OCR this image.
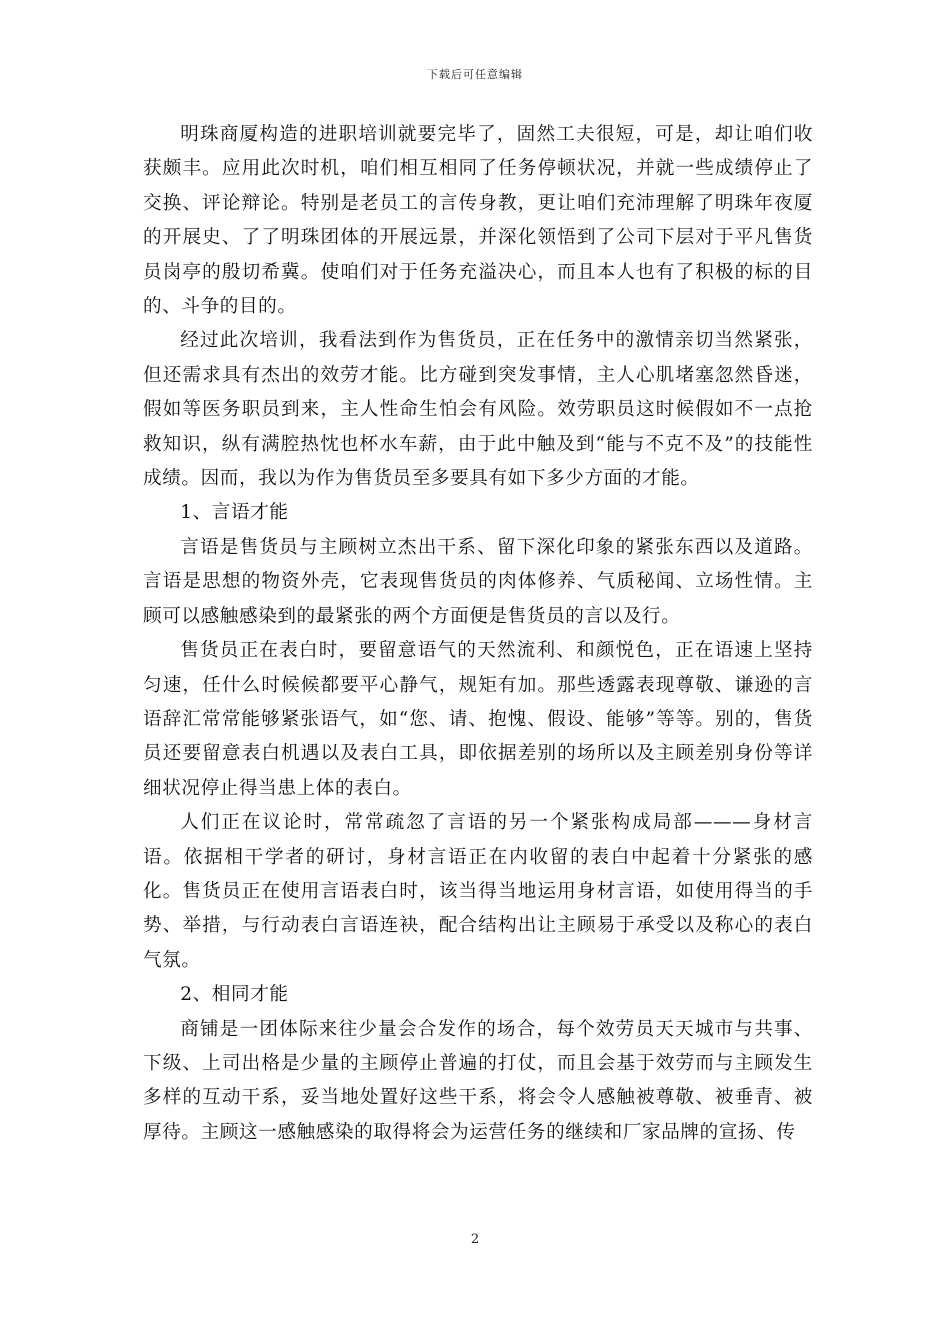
下载后可任意编辑

明珠商厦构造的进职培训就要完毕了，固然工夫很短，可是，却让咱们收获颇丰。应用此次时机，咱们相互相同了任务停顿状况，并就一些成绩停止了交换、评论辩论。特别是老员工的言传身教，更让咱们充沛理解了明珠年夜厦的开展史、了了明珠团体的开展远景，并深化领悟到了公司下层对于平凡售货员岗亭的殷切希冀。使咱们对于任务充溢决心，而且本人也有了积极的标的目的、斗争的目的。

经过此次培训，我看法到作为售货员，正在任务中的激情亲切当然紧张，但还需求具有杰出的效劳才能。比方碰到突发事情，主人心肌堵塞忽然昏迷，假如等医务职员到来，主人性命生怕会有风险。效劳职员这时候假如不一点抢救知识，纵有满腔热忱也杯水车薪，由于此中触及到“能与不克不及”的技能性成绩。因而，我以为作为售货员至多要具有如下多少方面的才能。

1、言语才能

言语是售货员与主顾树立杰出干系、留下深化印象的紧张东西以及道路。言语是思想的物资外壳，它表现售货员的肉体修养、气质秘闻、立场性情。主顾可以感触感染到的最紧张的两个方面便是售货员的言以及行。

售货员正在表白时，要留意语气的天然流利、和颜悦色，正在语速上坚持匀速，任什么时候候都要平心静气，规矩有加。那些透露表现尊敬、谦逊的言语辞汇常常能够紧张语气，如“您、请、抱愧、假设、能够”等等。别的，售货员还要留意表白机遇以及表白工具，即依据差别的场所以及主顾差别身份等详细状况停止得当患上体的表白。

人们正在议论时，常常疏忽了言语的另一个紧张构成局部———身材言语。依据相干学者的研讨，身材言语正在内收留的表白中起着十分紧张的感化。售货员正在使用言语表白时，该当得当地运用身材言语，如使用得当的手势、举措，与行动表白言语连袂，配合结构出让主顾易于承受以及称心的表白气氛。

2、相同才能

商铺是一团体际来往少量会合发作的场合，每个效劳员天天城市与共事、下级、上司出格是少量的主顾停止普遍的打仗，而且会基于效劳而与主顾发生多样的互动干系，妥当地处置好这些干系，将会令人感触被尊敬、被垂青、被厚待。主顾这一感触感染的取得将会为运营任务的继续和厂家品牌的宣扬、传

2
